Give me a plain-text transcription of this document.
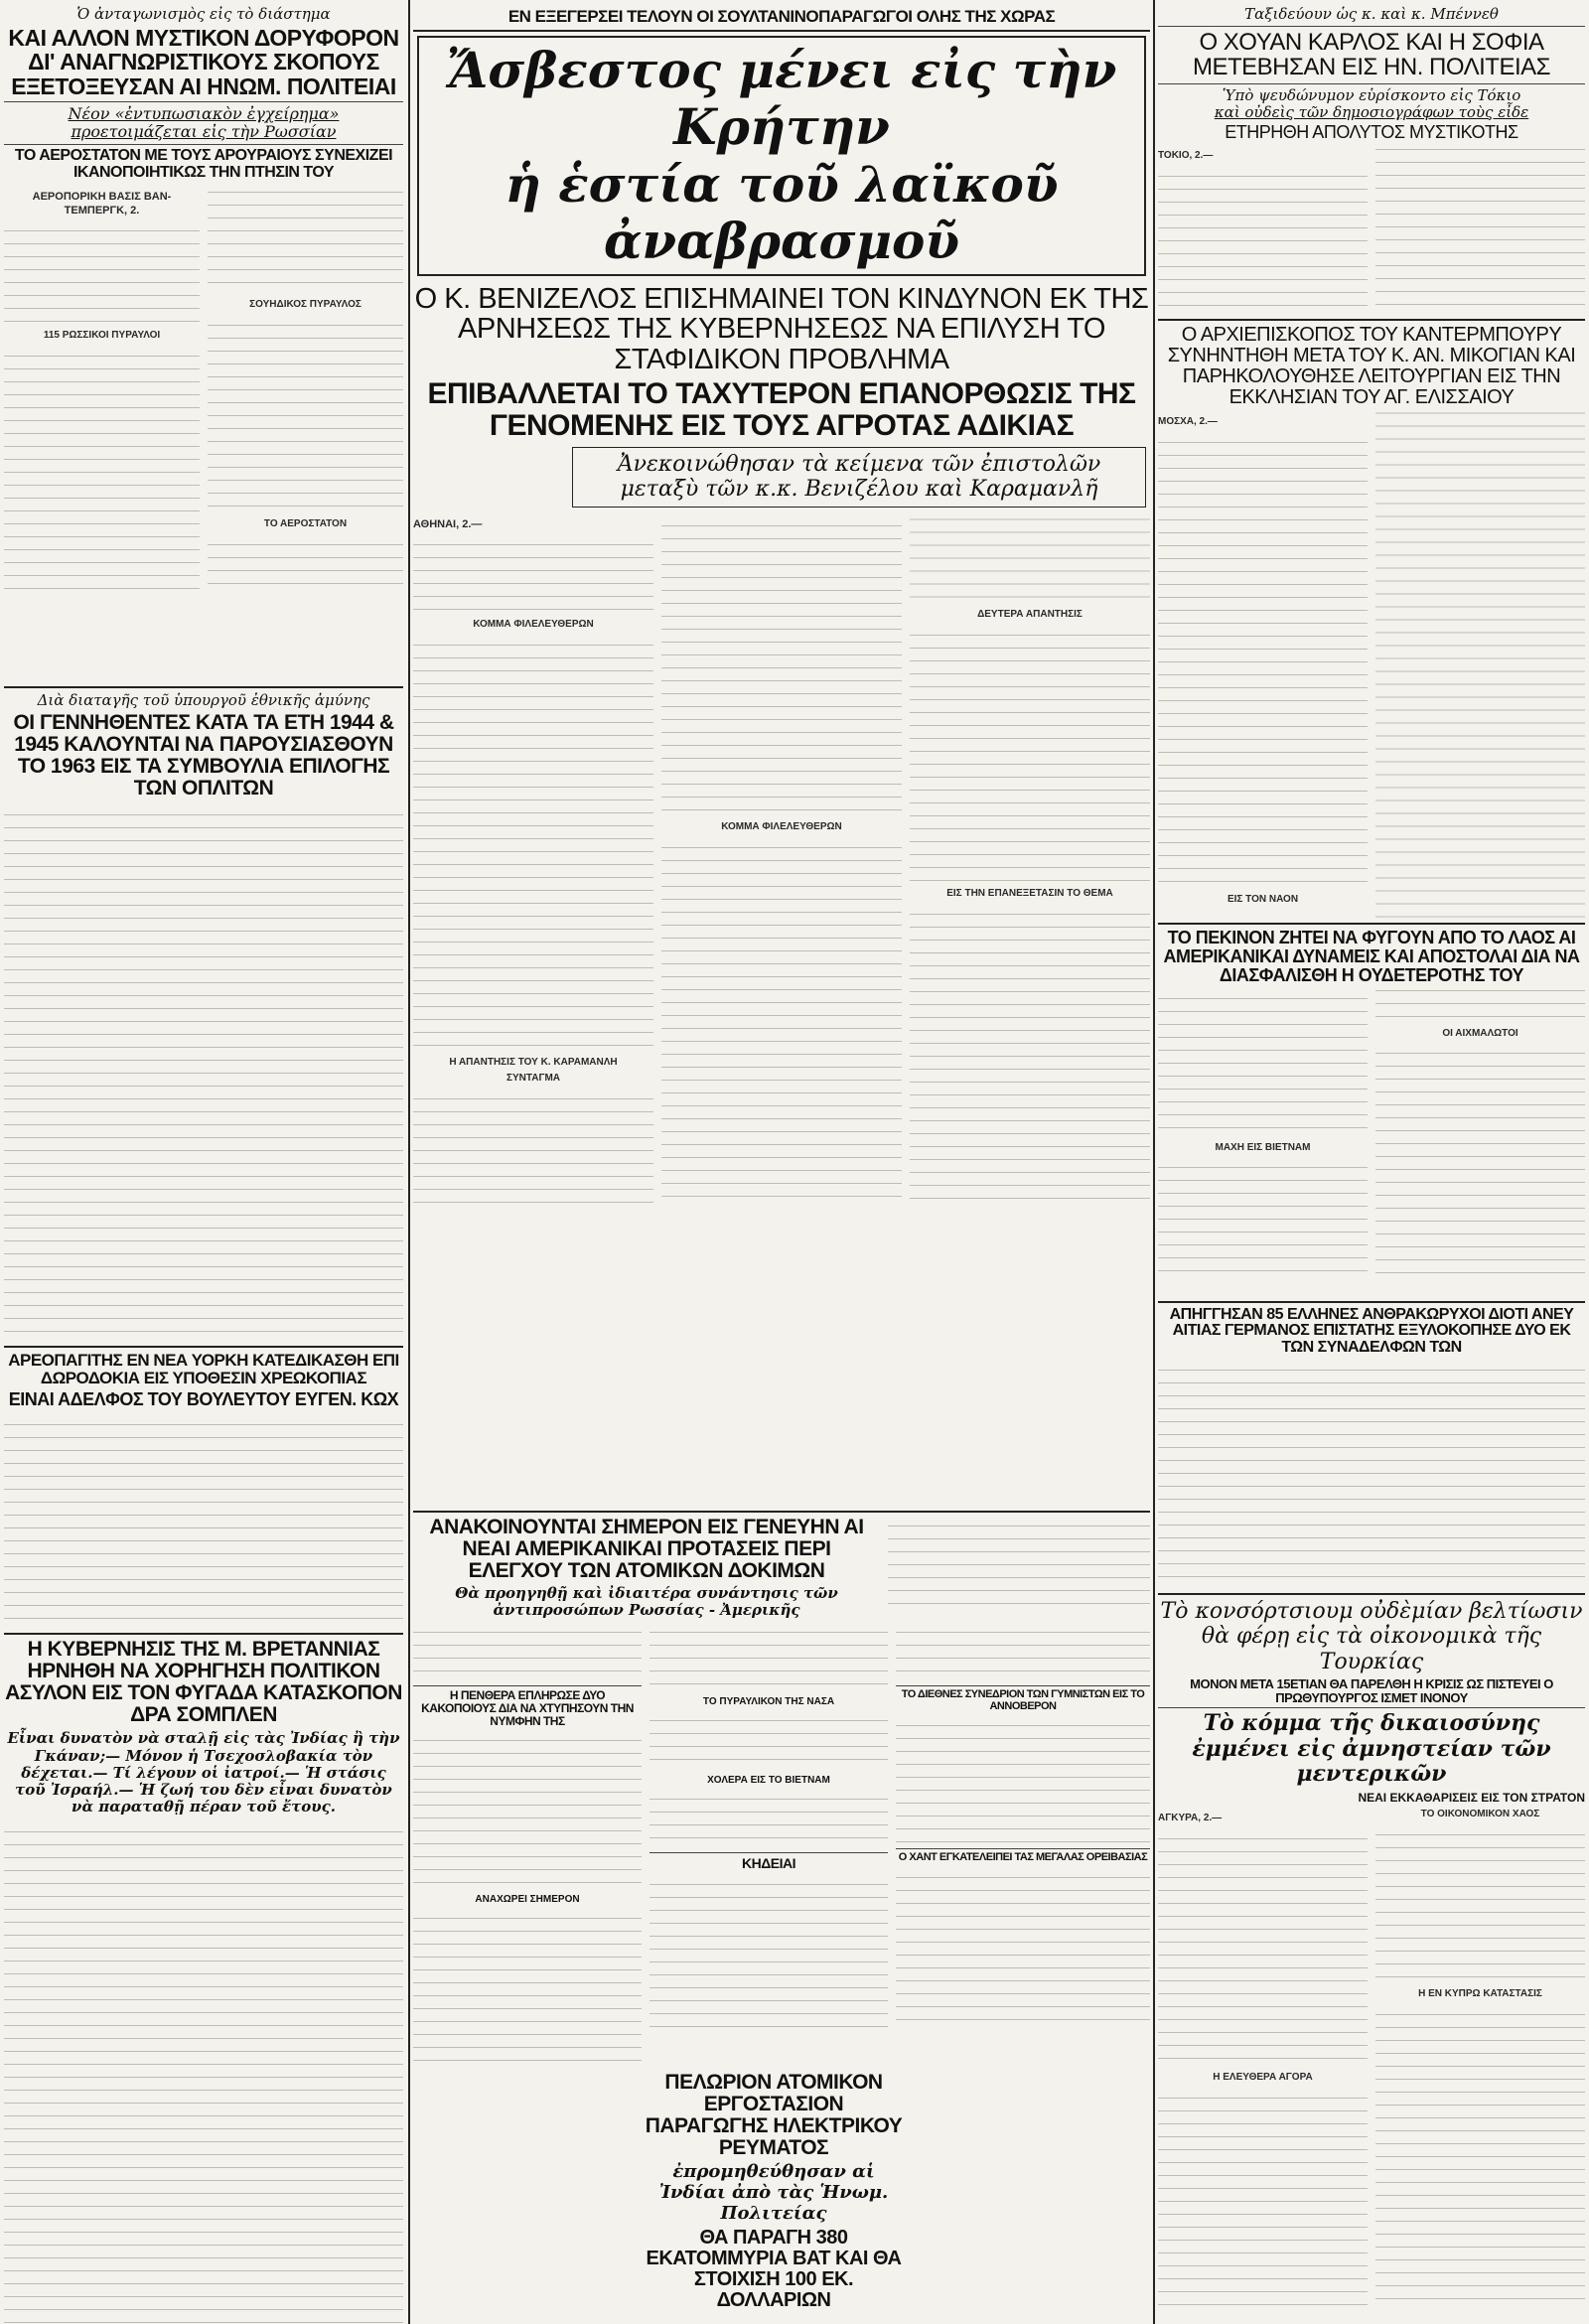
Ὁ ἀνταγωνισμὸς εἰς τὸ διάστημα
ΚΑΙ ΑΛΛΟΝ ΜΥΣΤΙΚΟΝ ΔΟΡΥΦΟΡΟΝ ΔΙ' ΑΝΑΓΝΩΡΙΣΤΙΚΟΥΣ ΣΚΟΠΟΥΣ ΕΞΕΤΟΞΕΥΣΑΝ ΑΙ ΗΝΩΜ. ΠΟΛΙΤΕΙΑΙ
Νέον «ἐντυπωσιακὸν ἐγχείρημα» προετοιμάζεται εἰς τὴν Ρωσσίαν
ΤΟ ΑΕΡΟΣΤΑΤΟΝ ΜΕ ΤΟΥΣ ΑΡΟΥΡΑΙΟΥΣ ΣΥΝΕΧΙΖΕΙ ΙΚΑΝΟΠΟΙΗΤΙΚΩΣ ΤΗΝ ΠΤΗΣΙΝ ΤΟΥ
ΑΕΡΟΠΟΡΙΚΗ ΒΑΣΙΣ ΒΑΝ-ΤΕΜΠΕΡΓΚ, 2.
115 ΡΩΣΣΙΚΟΙ ΠΥΡΑΥΛΟΙ
ΣΟΥΗΔΙΚΟΣ ΠΥΡΑΥΛΟΣ
ΤΟ ΑΕΡΟΣΤΑΤΟΝ
Διὰ διαταγῆς τοῦ ὑπουργοῦ ἐθνικῆς ἀμύνης
ΟΙ ΓΕΝΝΗΘΕΝΤΕΣ ΚΑΤΑ ΤΑ ΕΤΗ 1944 & 1945 ΚΑΛΟΥΝΤΑΙ ΝΑ ΠΑΡΟΥΣΙΑΣΘΟΥΝ ΤΟ 1963 ΕΙΣ ΤΑ ΣΥΜΒΟΥΛΙΑ ΕΠΙΛΟΓΗΣ ΤΩΝ ΟΠΛΙΤΩΝ
ΑΡΕΟΠΑΓΙΤΗΣ ΕΝ ΝΕΑ ΥΟΡΚΗ ΚΑΤΕΔΙΚΑΣΘΗ ΕΠΙ ΔΩΡΟΔΟΚΙΑ ΕΙΣ ΥΠΟΘΕΣΙΝ ΧΡΕΩΚΟΠΙΑΣ
ΕΙΝΑΙ ΑΔΕΛΦΟΣ ΤΟΥ ΒΟΥΛΕΥΤΟΥ ΕΥΓΕΝ. ΚΩΧ
Η ΚΥΒΕΡΝΗΣΙΣ ΤΗΣ Μ. ΒΡΕΤΑΝΝΙΑΣ ΗΡΝΗΘΗ ΝΑ ΧΟΡΗΓΗΣΗ ΠΟΛΙΤΙΚΟΝ ΑΣΥΛΟΝ ΕΙΣ ΤΟΝ ΦΥΓΑΔΑ ΚΑΤΑΣΚΟΠΟΝ ΔΡΑ ΣΟΜΠΛΕΝ
Εἶναι δυνατὸν νὰ σταλῇ εἰς τὰς Ἰνδίας ἢ τὴν Γκάναν;— Μόνον ἡ Τσεχοσλοβακία τὸν δέχεται.— Τί λέγουν οἱ ἰατροί.— Ἡ στάσις τοῦ Ἰσραήλ.— Ἡ ζωή του δὲν εἶναι δυνατὸν νὰ παραταθῇ πέραν τοῦ ἔτους.
ΕΝ ΕΞΕΓΕΡΣΕΙ ΤΕΛΟΥΝ ΟΙ ΣΟΥΛΤΑΝΙΝΟΠΑΡΑΓΩΓΟΙ ΟΛΗΣ ΤΗΣ ΧΩΡΑΣ
Ἄσβεστος μένει εἰς τὴν Κρήτην
ἡ ἑστία τοῦ λαϊκοῦ ἀναβρασμοῦ
Ο Κ. ΒΕΝΙΖΕΛΟΣ ΕΠΙΣΗΜΑΙΝΕΙ ΤΟΝ ΚΙΝΔΥΝΟΝ ΕΚ ΤΗΣ ΑΡΝΗΣΕΩΣ ΤΗΣ ΚΥΒΕΡΝΗΣΕΩΣ ΝΑ ΕΠΙΛΥΣΗ ΤΟ ΣΤΑΦΙΔΙΚΟΝ ΠΡΟΒΛΗΜΑ
ΕΠΙΒΑΛΛΕΤΑΙ ΤΟ ΤΑΧΥΤΕΡΟΝ ΕΠΑΝΟΡΘΩΣΙΣ ΤΗΣ ΓΕΝΟΜΕΝΗΣ ΕΙΣ ΤΟΥΣ ΑΓΡΟΤΑΣ ΑΔΙΚΙΑΣ
Ἀνεκοινώθησαν τὰ κείμενα τῶν ἐπιστολῶν μεταξὺ τῶν κ.κ. Βενιζέλου καὶ Καραμανλῆ
ΑΘΗΝΑΙ, 2.—
ΚΟΜΜΑ ΦΙΛΕΛΕΥΘΕΡΩΝ
Η ΑΠΑΝΤΗΣΙΣ ΤΟΥ Κ. ΚΑΡΑΜΑΝΛΗ
ΣΥΝΤΑΓΜΑ
ΚΟΜΜΑ ΦΙΛΕΛΕΥΘΕΡΩΝ
ΔΕΥΤΕΡΑ ΑΠΑΝΤΗΣΙΣ
ΕΙΣ ΤΗΝ ΕΠΑΝΕΞΕΤΑΣΙΝ ΤΟ ΘΕΜΑ
ΑΝΑΚΟΙΝΟΥΝΤΑΙ ΣΗΜΕΡΟΝ ΕΙΣ ΓΕΝΕΥΗΝ ΑΙ ΝΕΑΙ ΑΜΕΡΙΚΑΝΙΚΑΙ ΠΡΟΤΑΣΕΙΣ ΠΕΡΙ ΕΛΕΓΧΟΥ ΤΩΝ ΑΤΟΜΙΚΩΝ ΔΟΚΙΜΩΝ
Θὰ προηγηθῇ καὶ ἰδιαιτέρα συνάντησις τῶν ἀντιπροσώπων Ρωσσίας - Ἀμερικῆς
Η ΠΕΝΘΕΡΑ ΕΠΛΗΡΩΣΕ ΔΥΟ ΚΑΚΟΠΟΙΟΥΣ ΔΙΑ ΝΑ ΧΤΥΠΗΣΟΥΝ ΤΗΝ ΝΥΜΦΗΝ ΤΗΣ
ΑΝΑΧΩΡΕΙ ΣΗΜΕΡΟΝ
ΤΟ ΠΥΡΑΥΛΙΚΟΝ ΤΗΣ ΝΑΣΑ
ΧΟΛΕΡΑ ΕΙΣ ΤΟ ΒΙΕΤΝΑΜ
ΚΗΔΕΙΑΙ
ΤΟ ΔΙΕΘΝΕΣ ΣΥΝΕΔΡΙΟΝ ΤΩΝ ΓΥΜΝΙΣΤΩΝ ΕΙΣ ΤΟ ΑΝΝΟΒΕΡΟΝ
Ο ΧΑΝΤ ΕΓΚΑΤΕΛΕΙΠΕΙ ΤΑΣ ΜΕΓΑΛΑΣ ΟΡΕΙΒΑΣΙΑΣ
ΠΕΛΩΡΙΟΝ ΑΤΟΜΙΚΟΝ ΕΡΓΟΣΤΑΣΙΟΝ ΠΑΡΑΓΩΓΗΣ ΗΛΕΚΤΡΙΚΟΥ ΡΕΥΜΑΤΟΣ
ἐπρομηθεύθησαν αἱ Ἰνδίαι ἀπὸ τὰς Ἡνωμ. Πολιτείας
ΘΑ ΠΑΡΑΓΗ 380 ΕΚΑΤΟΜΜΥΡΙΑ ΒΑΤ ΚΑΙ ΘΑ ΣΤΟΙΧΙΣΗ 100 ΕΚ. ΔΟΛΛΑΡΙΩΝ
Ταξιδεύουν ὡς κ. καὶ κ. Μπέννεθ
Ο ΧΟΥΑΝ ΚΑΡΛΟΣ ΚΑΙ Η ΣΟΦΙΑ ΜΕΤΕΒΗΣΑΝ ΕΙΣ ΗΝ. ΠΟΛΙΤΕΙΑΣ
Ὑπὸ ψευδώνυμον εὑρίσκοντο εἰς Τόκιο
καὶ οὐδεὶς τῶν δημοσιογράφων τοὺς εἶδε
ΕΤΗΡΗΘΗ ΑΠΟΛΥΤΟΣ ΜΥΣΤΙΚΟΤΗΣ
ΤΟΚΙΟ, 2.—
Ο ΑΡΧΙΕΠΙΣΚΟΠΟΣ ΤΟΥ ΚΑΝΤΕΡΜΠΟΥΡΥ ΣΥΝΗΝΤΗΘΗ ΜΕΤΑ ΤΟΥ Κ. ΑΝ. ΜΙΚΟΓΙΑΝ ΚΑΙ ΠΑΡΗΚΟΛΟΥΘΗΣΕ ΛΕΙΤΟΥΡΓΙΑΝ ΕΙΣ ΤΗΝ ΕΚΚΛΗΣΙΑΝ ΤΟΥ ΑΓ. ΕΛΙΣΣΑΙΟΥ
ΜΟΣΧΑ, 2.—
ΕΙΣ ΤΟΝ ΝΑΟΝ
ΤΟ ΠΕΚΙΝΟΝ ΖΗΤΕΙ ΝΑ ΦΥΓΟΥΝ ΑΠΟ ΤΟ ΛΑΟΣ ΑΙ ΑΜΕΡΙΚΑΝΙΚΑΙ ΔΥΝΑΜΕΙΣ ΚΑΙ ΑΠΟΣΤΟΛΑΙ ΔΙΑ ΝΑ ΔΙΑΣΦΑΛΙΣΘΗ Η ΟΥΔΕΤΕΡΟΤΗΣ ΤΟΥ
ΜΑΧΗ ΕΙΣ ΒΙΕΤΝΑΜ
ΟΙ ΑΙΧΜΑΛΩΤΟΙ
ΑΠΗΓΓΗΣΑΝ 85 ΕΛΛΗΝΕΣ ΑΝΘΡΑΚΩΡΥΧΟΙ ΔΙΟΤΙ ΑΝΕΥ ΑΙΤΙΑΣ ΓΕΡΜΑΝΟΣ ΕΠΙΣΤΑΤΗΣ ΕΞΥΛΟΚΟΠΗΣΕ ΔΥΟ ΕΚ ΤΩΝ ΣΥΝΑΔΕΛΦΩΝ ΤΩΝ
Τὸ κονσόρτσιουμ οὐδὲμίαν βελτίωσιν θὰ φέρῃ εἰς τὰ οἰκονομικὰ τῆς Τουρκίας
ΜΟΝΟΝ ΜΕΤΑ 15ΕΤΙΑΝ ΘΑ ΠΑΡΕΛΘΗ Η ΚΡΙΣΙΣ ΩΣ ΠΙΣΤΕΥΕΙ Ο ΠΡΩΘΥΠΟΥΡΓΟΣ ΙΣΜΕΤ ΙΝΟΝΟΥ
Τὸ κόμμα τῆς δικαιοσύνης ἐμμένει εἰς ἀμνηστείαν τῶν μεντερικῶν
ΝΕΑΙ ΕΚΚΑΘΑΡΙΣΕΙΣ ΕΙΣ ΤΟΝ ΣΤΡΑΤΟΝ
ΑΓΚΥΡΑ, 2.—
Η ΕΛΕΥΘΕΡΑ ΑΓΟΡΑ
ΤΟ ΟΙΚΟΝΟΜΙΚΟΝ ΧΑΟΣ
Η ΕΝ ΚΥΠΡΩ ΚΑΤΑΣΤΑΣΙΣ
